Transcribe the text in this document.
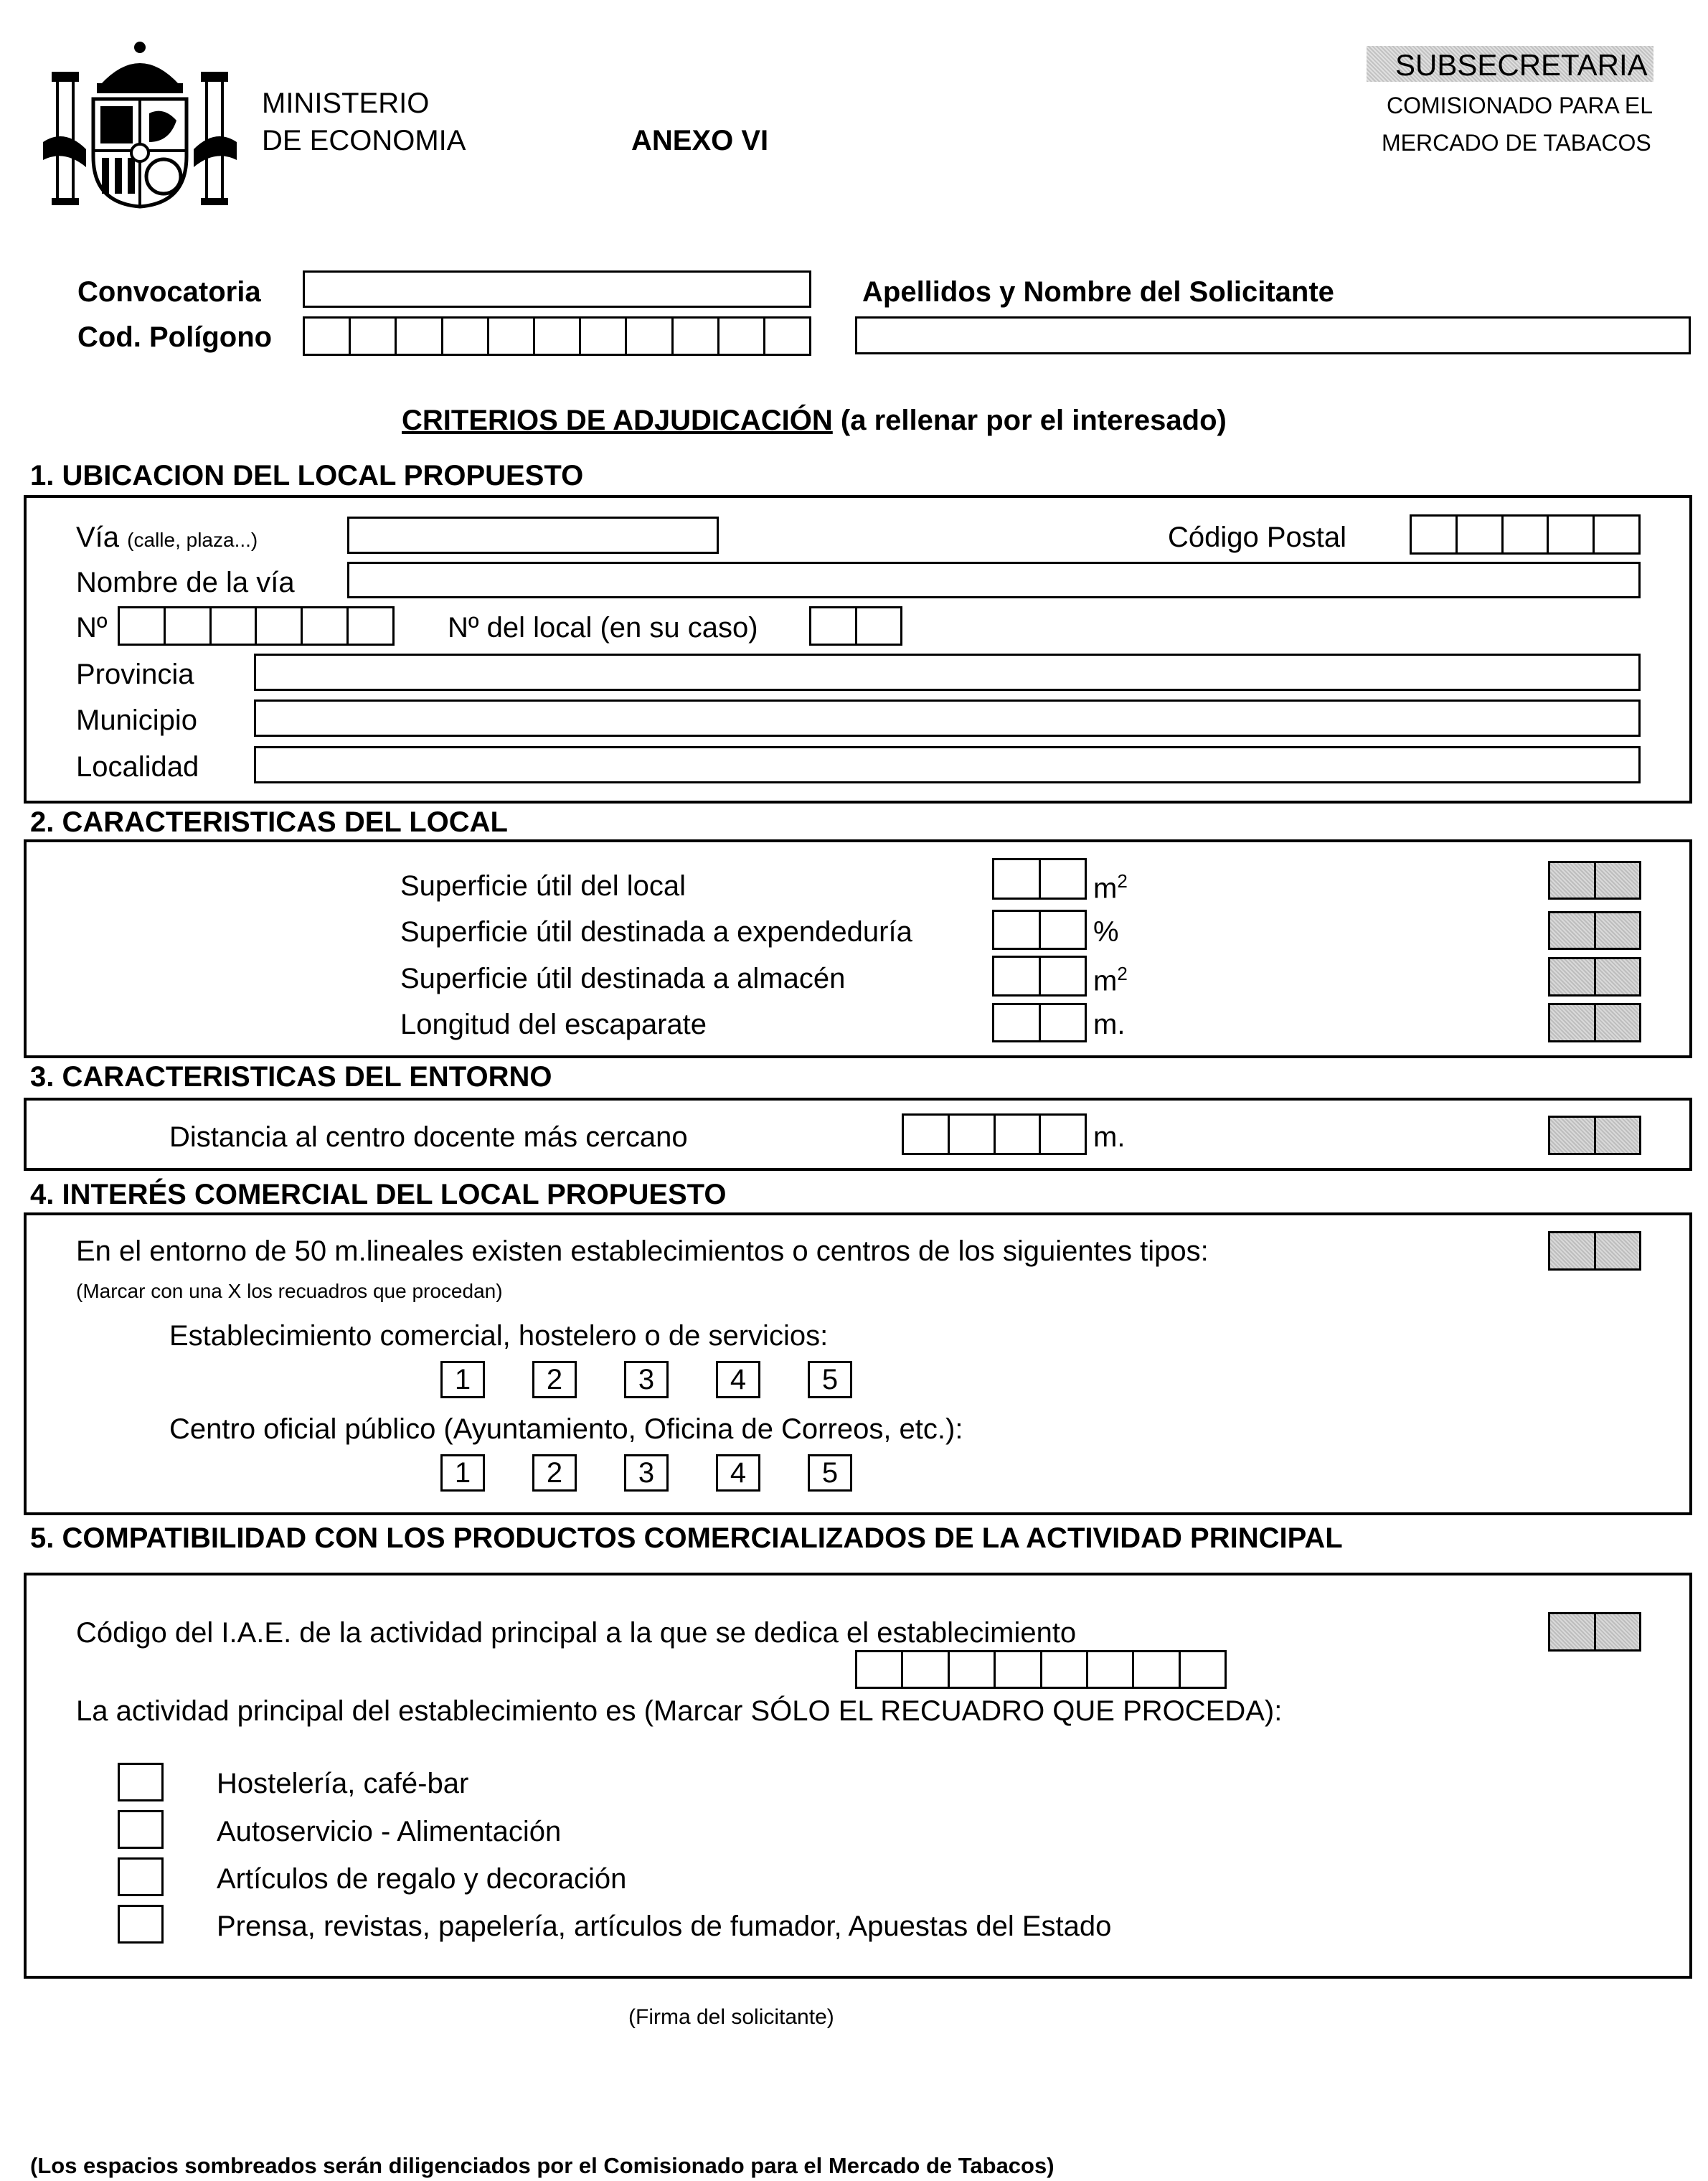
MINISTERIO
DE ECONOMIA	ANEXO VI
SUBSECRETARIA
COMISIONADO PARA EL
MERCADO DE TABACOS
Convocatoria
Cod. Polígono
Apellidos y Nombre del Solicitante
CRITERIOS DE ADJUDICACIÓN (a rellenar por el interesado)
1. UBICACION DEL LOCAL PROPUESTO
Vía (calle, plaza...)	Código Postal
Nombre de la vía
Nº	Nº del local (en su caso)
Provincia
Municipio
Localidad
2. CARACTERISTICAS DEL LOCAL
Superficie útil del local	$m^2$
Superficie útil destinada a expendeduría	%
Superficie útil destinada a almacén	$m^2$
Longitud del escaparate	m.
3. CARACTERISTICAS DEL ENTORNO
Distancia al centro docente más cercano	m.
4. INTERÉS COMERCIAL DEL LOCAL PROPUESTO
En el entorno de 50 m.lineales existen establecimientos o centros de los siguientes tipos:
(Marcar con una X los recuadros que procedan)
Establecimiento comercial, hostelero o de servicios:
1	2	3	4	5
Centro oficial público (Ayuntamiento, Oficina de Correos, etc.):
1	2	3	4	5
5. COMPATIBILIDAD CON LOS PRODUCTOS COMERCIALIZADOS DE LA ACTIVIDAD PRINCIPAL
Código del I.A.E. de la actividad principal a la que se dedica el establecimiento
La actividad principal del establecimiento es (Marcar SÓLO EL RECUADRO QUE PROCEDA):
Hostelería, café-bar
Autoservicio - Alimentación
Artículos de regalo y decoración
Prensa, revistas, papelería, artículos de fumador, Apuestas del Estado
(Firma del solicitante)
(Los espacios sombreados serán diligenciados por el Comisionado para el Mercado de Tabacos)
